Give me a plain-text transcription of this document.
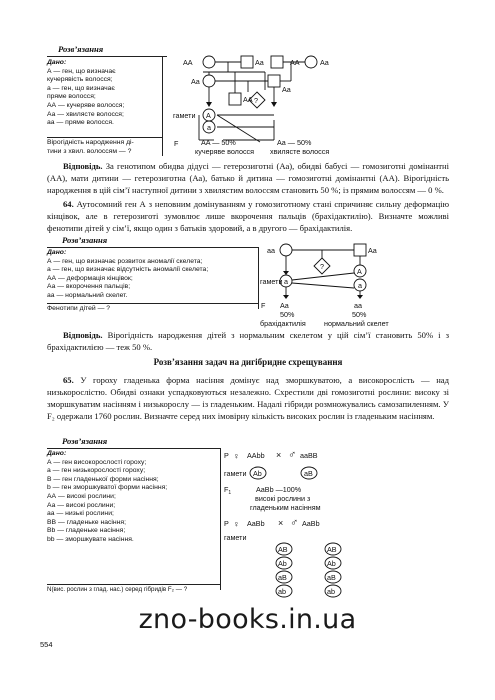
Розв’язання
Дано:
А — ген, що визначає
кучерявість волосся;
а — ген, що визначає
пряме волосся;
АА — кучеряве волосся;
Аа — хвилясте волосся;
аа — пряме волосся.
Вірогідність народження ді-
тини з хвил. волоссям — ?
AA	Aa	AA	Aa
Aa
AA ?
Aa
гамети A
a
F	AA — 50%
кучеряве волосся
Aa — 50%
хвилясте волосся
Відповідь. За генотипом обидва дідусі — гетерозиготні (Аа), обидві бабусі — гомозиготні домінантні (АА), мати дитини — гетерозиготна (Аа), батько й дитина — гомозиготні домінантні (АА). Вірогідність народження в цій сім’ї наступної дитини з хвилястим волоссям становить 50 %; із прямим волоссям — 0 %.
64. Аутосомний ген А з неповним домінуванням у гомозиготному стані спричиняє сильну деформацію кінцівок, але в гетерозиготі зумовлює лише вкорочення пальців (брахідактилію). Визначте можливі фенотипи дітей у сім’ї, якщо один з батьків здоровий, а в другого — брахідактилія.
Розв’язання
Дано:
А — ген, що визначає розвиток аномалії скелета;
а — ген, що визначає відсутність аномалії скелета;
АА — деформація кінцівок;
Аа — вкорочення пальців;
аа — нормальний скелет.
Фенотипи дітей — ?
aa	Aa
?
гамети a
A
a
F Aa
50%
брахідактилія
aa
50%
нормальний скелет
Відповідь. Вірогідність народження дітей з нормальним скелетом у цій сім’ї становить 50% і з брахідактилією — теж 50 %.
Розв’язання задач на дигібридне схрещування
65. У гороху гладенька форма насіння домінує над зморшкуватою, а високорослість — над низькорослістю. Обидві ознаки успадковуються незалежно. Схрестили дві гомозиготні рослини: високу зі зморшкуватим насінням і низькорослу — із гладеньким. Надалі гібриди розмножувались самозапиленням. У F₂ одержали 1760 рослин. Визначте серед них імовірну кількість високих рослин із гладеньким насінням.
Розв’язання
Дано:
А — ген високорослості гороху;
а — ген низькорослості гороху;
В — ген гладенької форми насіння;
b — ген зморшкуватої форми насіння;
АА — високі рослини;
Аа — високі рослини;
аа — низькі рослини;
ВВ — гладеньке насіння;
Вb — гладеньке насіння;
bb — зморшкувате насіння.
N(вис. рослин з глад. нас.) серед гібридів F₂ — ?
P ♀ AAbb × ♂ aaBB
гамети Ab	aB
$F_1$	AaBb —100%
високі рослини з
гладеньким насінням
P ♀ AaBb × ♂ AaBb
гамети
AB
Ab
aB
ab
AB
Ab
aB
ab
zno-books.in.ua
554
